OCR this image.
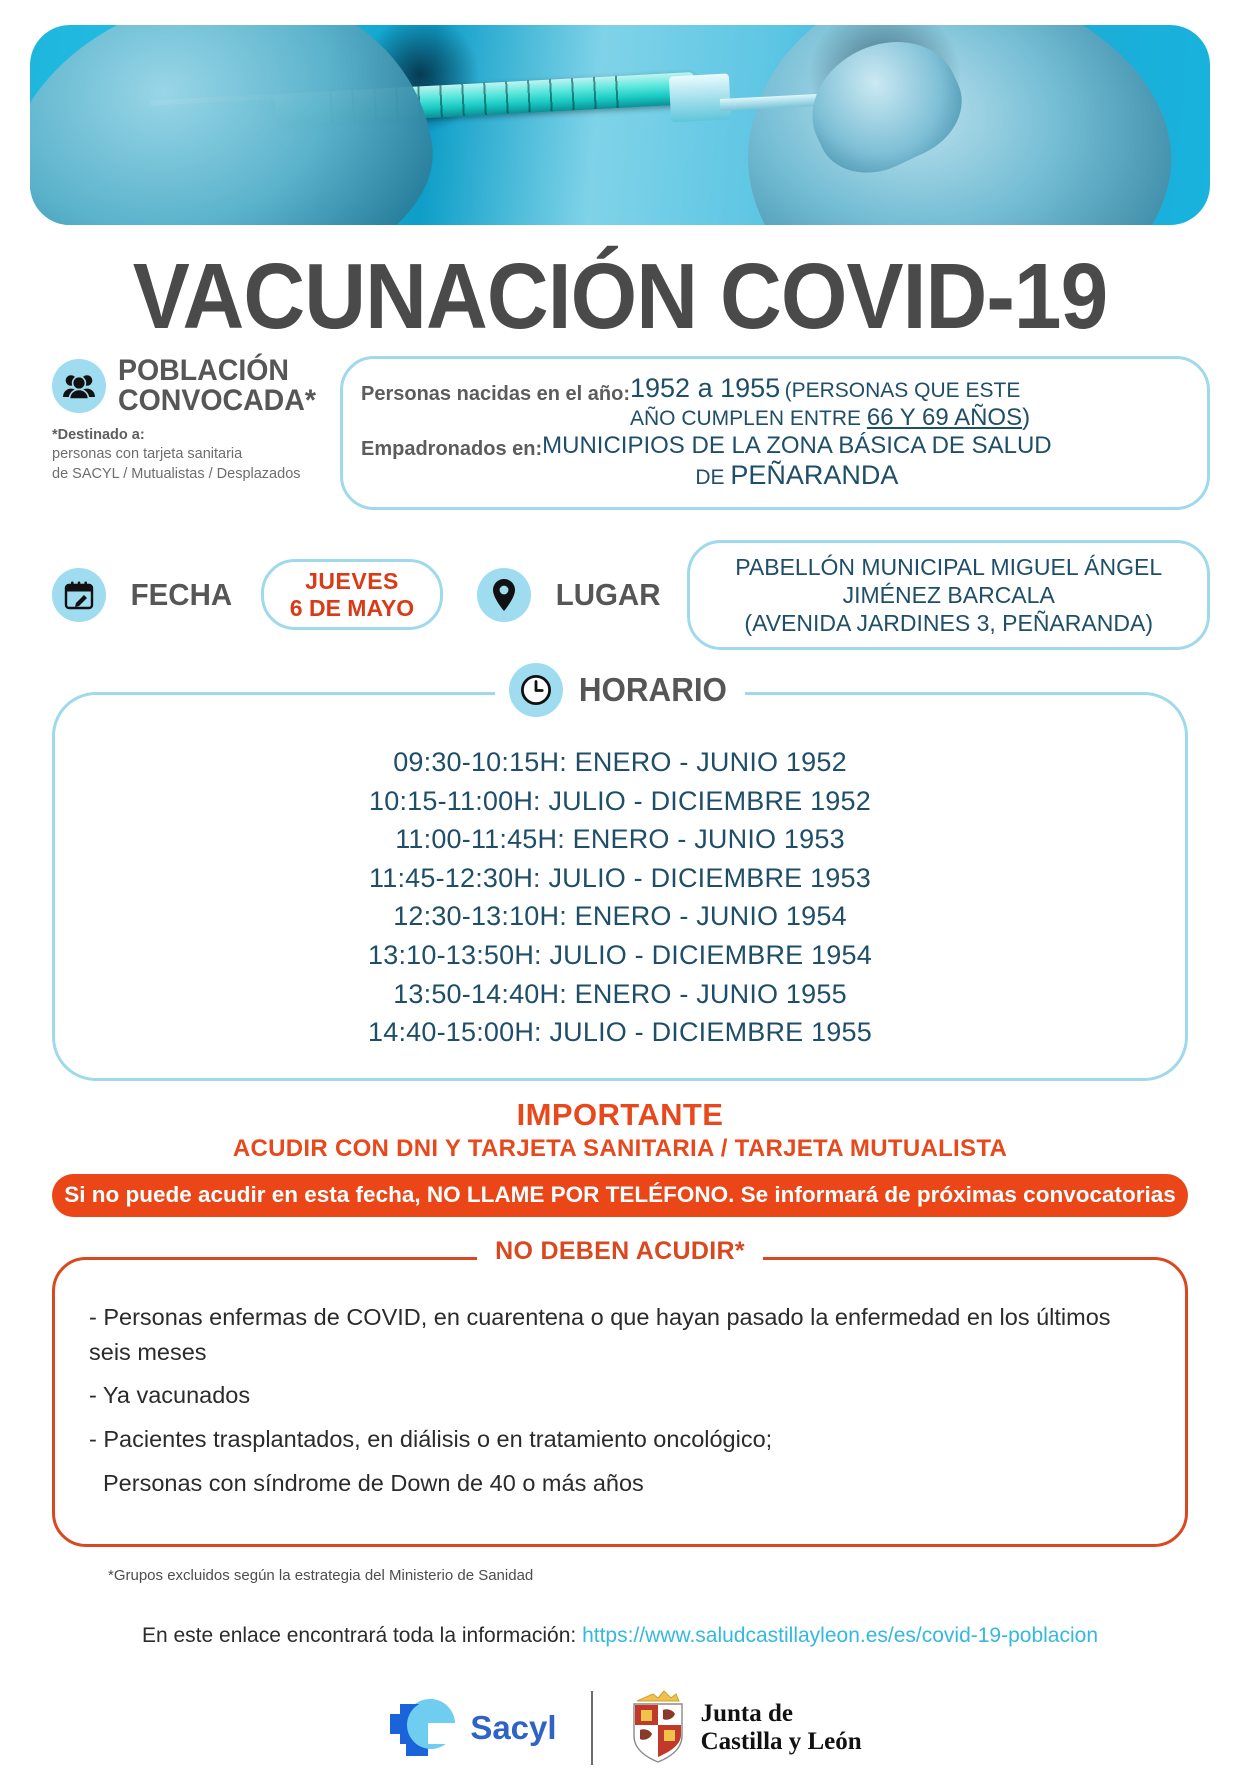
VACUNACIÓN COVID-19
POBLACIÓN
CONVOCADA*
*Destinado a:
personas con tarjeta sanitaria
de SACYL / Mutualistas / Desplazados
Personas nacidas en el año: 1952 a 1955 (PERSONAS QUE ESTE
AÑO CUMPLEN ENTRE 66 Y 69 AÑOS)
Empadronados en: MUNICIPIOS DE LA ZONA BÁSICA DE SALUD
DE PEÑARANDA
FECHA	JUEVES
6 DE MAYO	LUGAR
PABELLÓN MUNICIPAL MIGUEL ÁNGEL
JIMÉNEZ BARCALA
(AVENIDA JARDINES 3, PEÑARANDA)
HORARIO
09:30-10:15H: ENERO - JUNIO 1952
10:15-11:00H: JULIO - DICIEMBRE 1952
11:00-11:45H: ENERO - JUNIO 1953
11:45-12:30H: JULIO - DICIEMBRE 1953
12:30-13:10H: ENERO - JUNIO 1954
13:10-13:50H: JULIO - DICIEMBRE 1954
13:50-14:40H: ENERO - JUNIO 1955
14:40-15:00H: JULIO - DICIEMBRE 1955
IMPORTANTE
ACUDIR CON DNI Y TARJETA SANITARIA / TARJETA MUTUALISTA
Si no puede acudir en esta fecha, NO LLAME POR TELÉFONO. Se informará de próximas convocatorias
NO DEBEN ACUDIR*
- Personas enfermas de COVID, en cuarentena o que hayan pasado la enfermedad en los últimos seis meses
- Ya vacunados
- Pacientes trasplantados, en diálisis o en tratamiento oncológico;
Personas con síndrome de Down de 40 o más años
*Grupos excluidos según la estrategia del Ministerio de Sanidad
En este enlace encontrará toda la información: https://www.saludcastillayleon.es/es/covid-19-poblacion
Sacyl	Junta de
Castilla y León
